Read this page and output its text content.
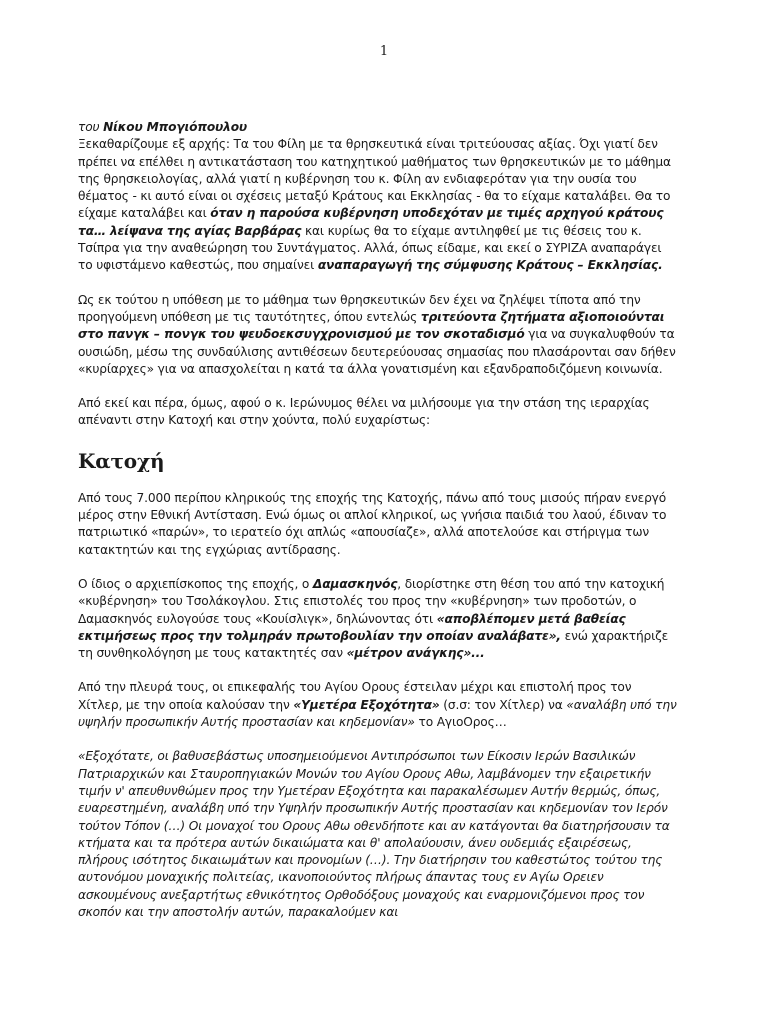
1

του Νίκου Μπογιόπουλου

Ξεκαθαρίζουμε εξ αρχής: Τα του Φίλη με τα θρησκευτικά είναι τριτεύουσας αξίας. Όχι γιατί δεν πρέπει να επέλθει η αντικατάσταση του κατηχητικού μαθήματος των θρησκευτικών με το μάθημα της θρησκειολογίας, αλλά γιατί η κυβέρνηση του κ. Φίλη αν ενδιαφερόταν για την ουσία του θέματος - κι αυτό είναι οι σχέσεις μεταξύ Κράτους και Εκκλησίας - θα το είχαμε καταλάβει. Θα το είχαμε καταλάβει και όταν η παρούσα κυβέρνηση υποδεχόταν με τιμές αρχηγού κράτους τα… λείψανα της αγίας Βαρβάρας και κυρίως θα το είχαμε αντιληφθεί με τις θέσεις του κ. Τσίπρα για την αναθεώρηση του Συντάγματος. Αλλά, όπως είδαμε, και εκεί ο ΣΥΡΙΖΑ αναπαράγει το υφιστάμενο καθεστώς, που σημαίνει αναπαραγωγή της σύμφυσης Κράτους – Εκκλησίας.

Ως εκ τούτου η υπόθεση με το μάθημα των θρησκευτικών δεν έχει να ζηλέψει τίποτα από την προηγούμενη υπόθεση με τις ταυτότητες, όπου εντελώς τριτεύοντα ζητήματα αξιοποιούνται στο πανγκ – πονγκ του ψευδοεκσυγχρονισμού με τον σκοταδισμό για να συγκαλυφθούν τα ουσιώδη, μέσω της συνδαύλισης αντιθέσεων δευτερεύουσας σημασίας που πλασάρονται σαν δήθεν «κυρίαρχες» για να απασχολείται η κατά τα άλλα γονατισμένη και εξανδραποδιζόμενη κοινωνία.

Από εκεί και πέρα, όμως, αφού ο κ. Ιερώνυμος θέλει να μιλήσουμε για την στάση της ιεραρχίας απέναντι στην Κατοχή και στην χούντα, πολύ ευχαρίστως:

Κατοχή

Από τους 7.000 περίπου κληρικούς της εποχής της Κατοχής, πάνω από τους μισούς πήραν ενεργό μέρος στην Εθνική Αντίσταση. Ενώ όμως οι απλοί κληρικοί, ως γνήσια παιδιά του λαού, έδιναν το πατριωτικό «παρών», το ιερατείο όχι απλώς «απουσίαζε», αλλά αποτελούσε και στήριγμα των κατακτητών και της εγχώριας αντίδρασης.

Ο ίδιος ο αρχιεπίσκοπος της εποχής, ο Δαμασκηνός, διορίστηκε στη θέση του από την κατοχική «κυβέρνηση» του Τσολάκογλου. Στις επιστολές του προς την «κυβέρνηση» των προδοτών, ο Δαμασκηνός ευλογούσε τους «Κουίσλιγκ», δηλώνοντας ότι «αποβλέπομεν μετά βαθείας εκτιμήσεως προς την τολμηράν πρωτοβουλίαν την οποίαν αναλάβατε», ενώ χαρακτήριζε τη συνθηκολόγηση με τους κατακτητές σαν «μέτρον ανάγκης»...

Από την πλευρά τους, οι επικεφαλής του Αγίου Ορους έστειλαν μέχρι και επιστολή προς τον Χίτλερ, με την οποία καλούσαν την «Υμετέρα Εξοχότητα» (σ.σ: τον Χίτλερ) να «αναλάβη υπό την υψηλήν προσωπικήν Αυτής προστασίαν και κηδεμονίαν» το ΑγιοΟρος…

«Εξοχότατε, οι βαθυσεβάστως υποσημειούμενοι Αντιπρόσωποι των Είκοσιν Ιερών Βασιλικών Πατριαρχικών και Σταυροπηγιακών Μονών του Αγίου Ορους Αθω, λαμβάνομεν την εξαιρετικήν τιμήν ν' απευθυνθώμεν προς την Υμετέραν Εξοχότητα και παρακαλέσωμεν Αυτήν θερμώς, όπως, ευαρεστημένη, αναλάβη υπό την Υψηλήν προσωπικήν Αυτής προστασίαν και κηδεμονίαν τον Ιερόν τούτον Τόπον (…) Οι μοναχοί του Ορους Αθω οθενδήποτε και αν κατάγονται θα διατηρήσουσιν τα κτήματα και τα πρότερα αυτών δικαιώματα και θ' απολαύουσιν, άνευ ουδεμιάς εξαιρέσεως, πλήρους ισότητος δικαιωμάτων και προνομίων (…). Την διατήρησιν του καθεστώτος τούτου της αυτονόμου μοναχικής πολιτείας, ικανοποιούντος πλήρως άπαντας τους εν Αγίω Ορειεν ασκουμένους ανεξαρτήτως εθνικότητος Ορθοδόξους μοναχούς και εναρμονιζόμενοι προς τον σκοπόν και την αποστολήν αυτών, παρακαλούμεν και
